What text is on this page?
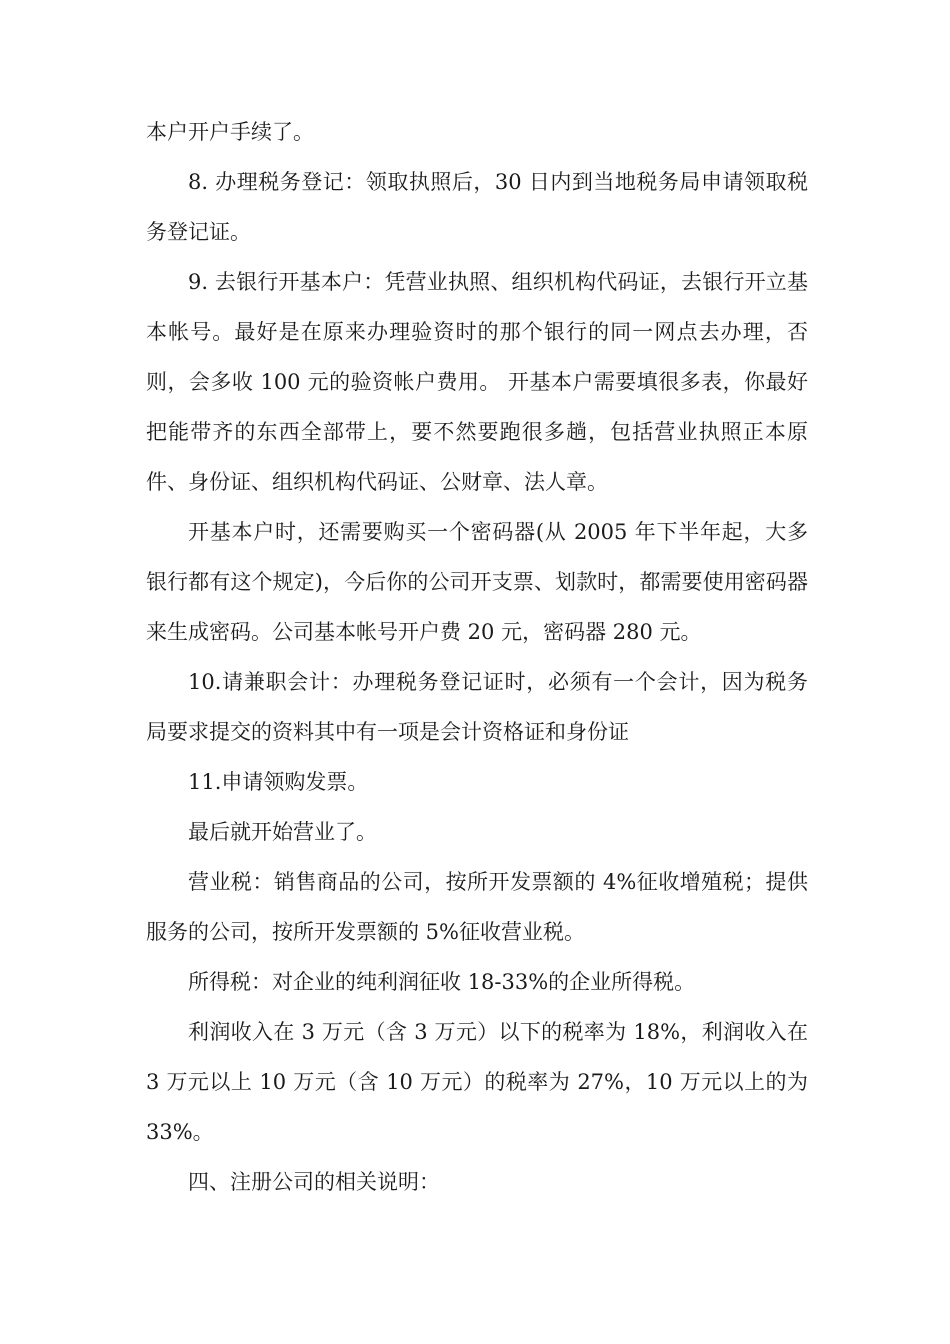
本户开户手续了。

8. 办理税务登记：领取执照后，30 日内到当地税务局申请领取税务登记证。

9. 去银行开基本户：凭营业执照、组织机构代码证，去银行开立基本帐号。最好是在原来办理验资时的那个银行的同一网点去办理，否则，会多收 100 元的验资帐户费用。 开基本户需要填很多表，你最好把能带齐的东西全部带上，要不然要跑很多趟，包括营业执照正本原件、身份证、组织机构代码证、公财章、法人章。

开基本户时，还需要购买一个密码器(从 2005 年下半年起，大多银行都有这个规定)，今后你的公司开支票、划款时，都需要使用密码器来生成密码。公司基本帐号开户费 20 元，密码器 280 元。

10.请兼职会计：办理税务登记证时，必须有一个会计，因为税务局要求提交的资料其中有一项是会计资格证和身份证

11.申请领购发票。

最后就开始营业了。

营业税：销售商品的公司，按所开发票额的 4%征收增殖税；提供服务的公司，按所开发票额的 5%征收营业税。

所得税：对企业的纯利润征收 18-33%的企业所得税。

利润收入在 3 万元（含 3 万元）以下的税率为 18%，利润收入在 3 万元以上 10 万元（含 10 万元）的税率为 27%，10 万元以上的为 33%。

四、注册公司的相关说明：
